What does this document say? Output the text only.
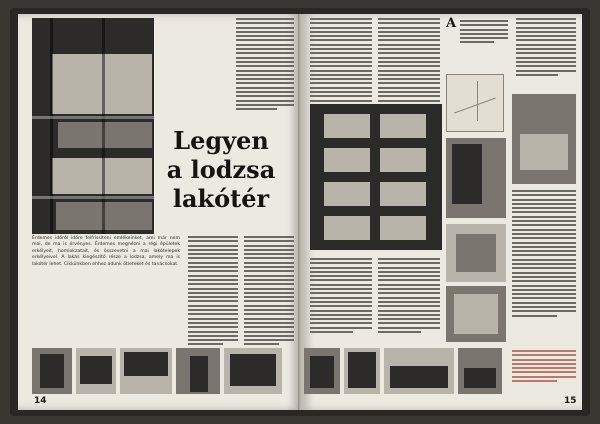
Legyen
a lodzsa
lakótér
Érdemes időről időre felfrissíteni emlékeinket, ami már nem mai, de ma is érvényes. Érdemes megnézni a régi épületek erkélyeit, homlokzatait, és összevetni a mai lakótelepek erkélyeivel. A lakás kiegészítő része a lodzsa, amely ma is lakótér lehet. Cikkünkben ehhez adunk ötleteket és tanácsokat.
14
A
15
